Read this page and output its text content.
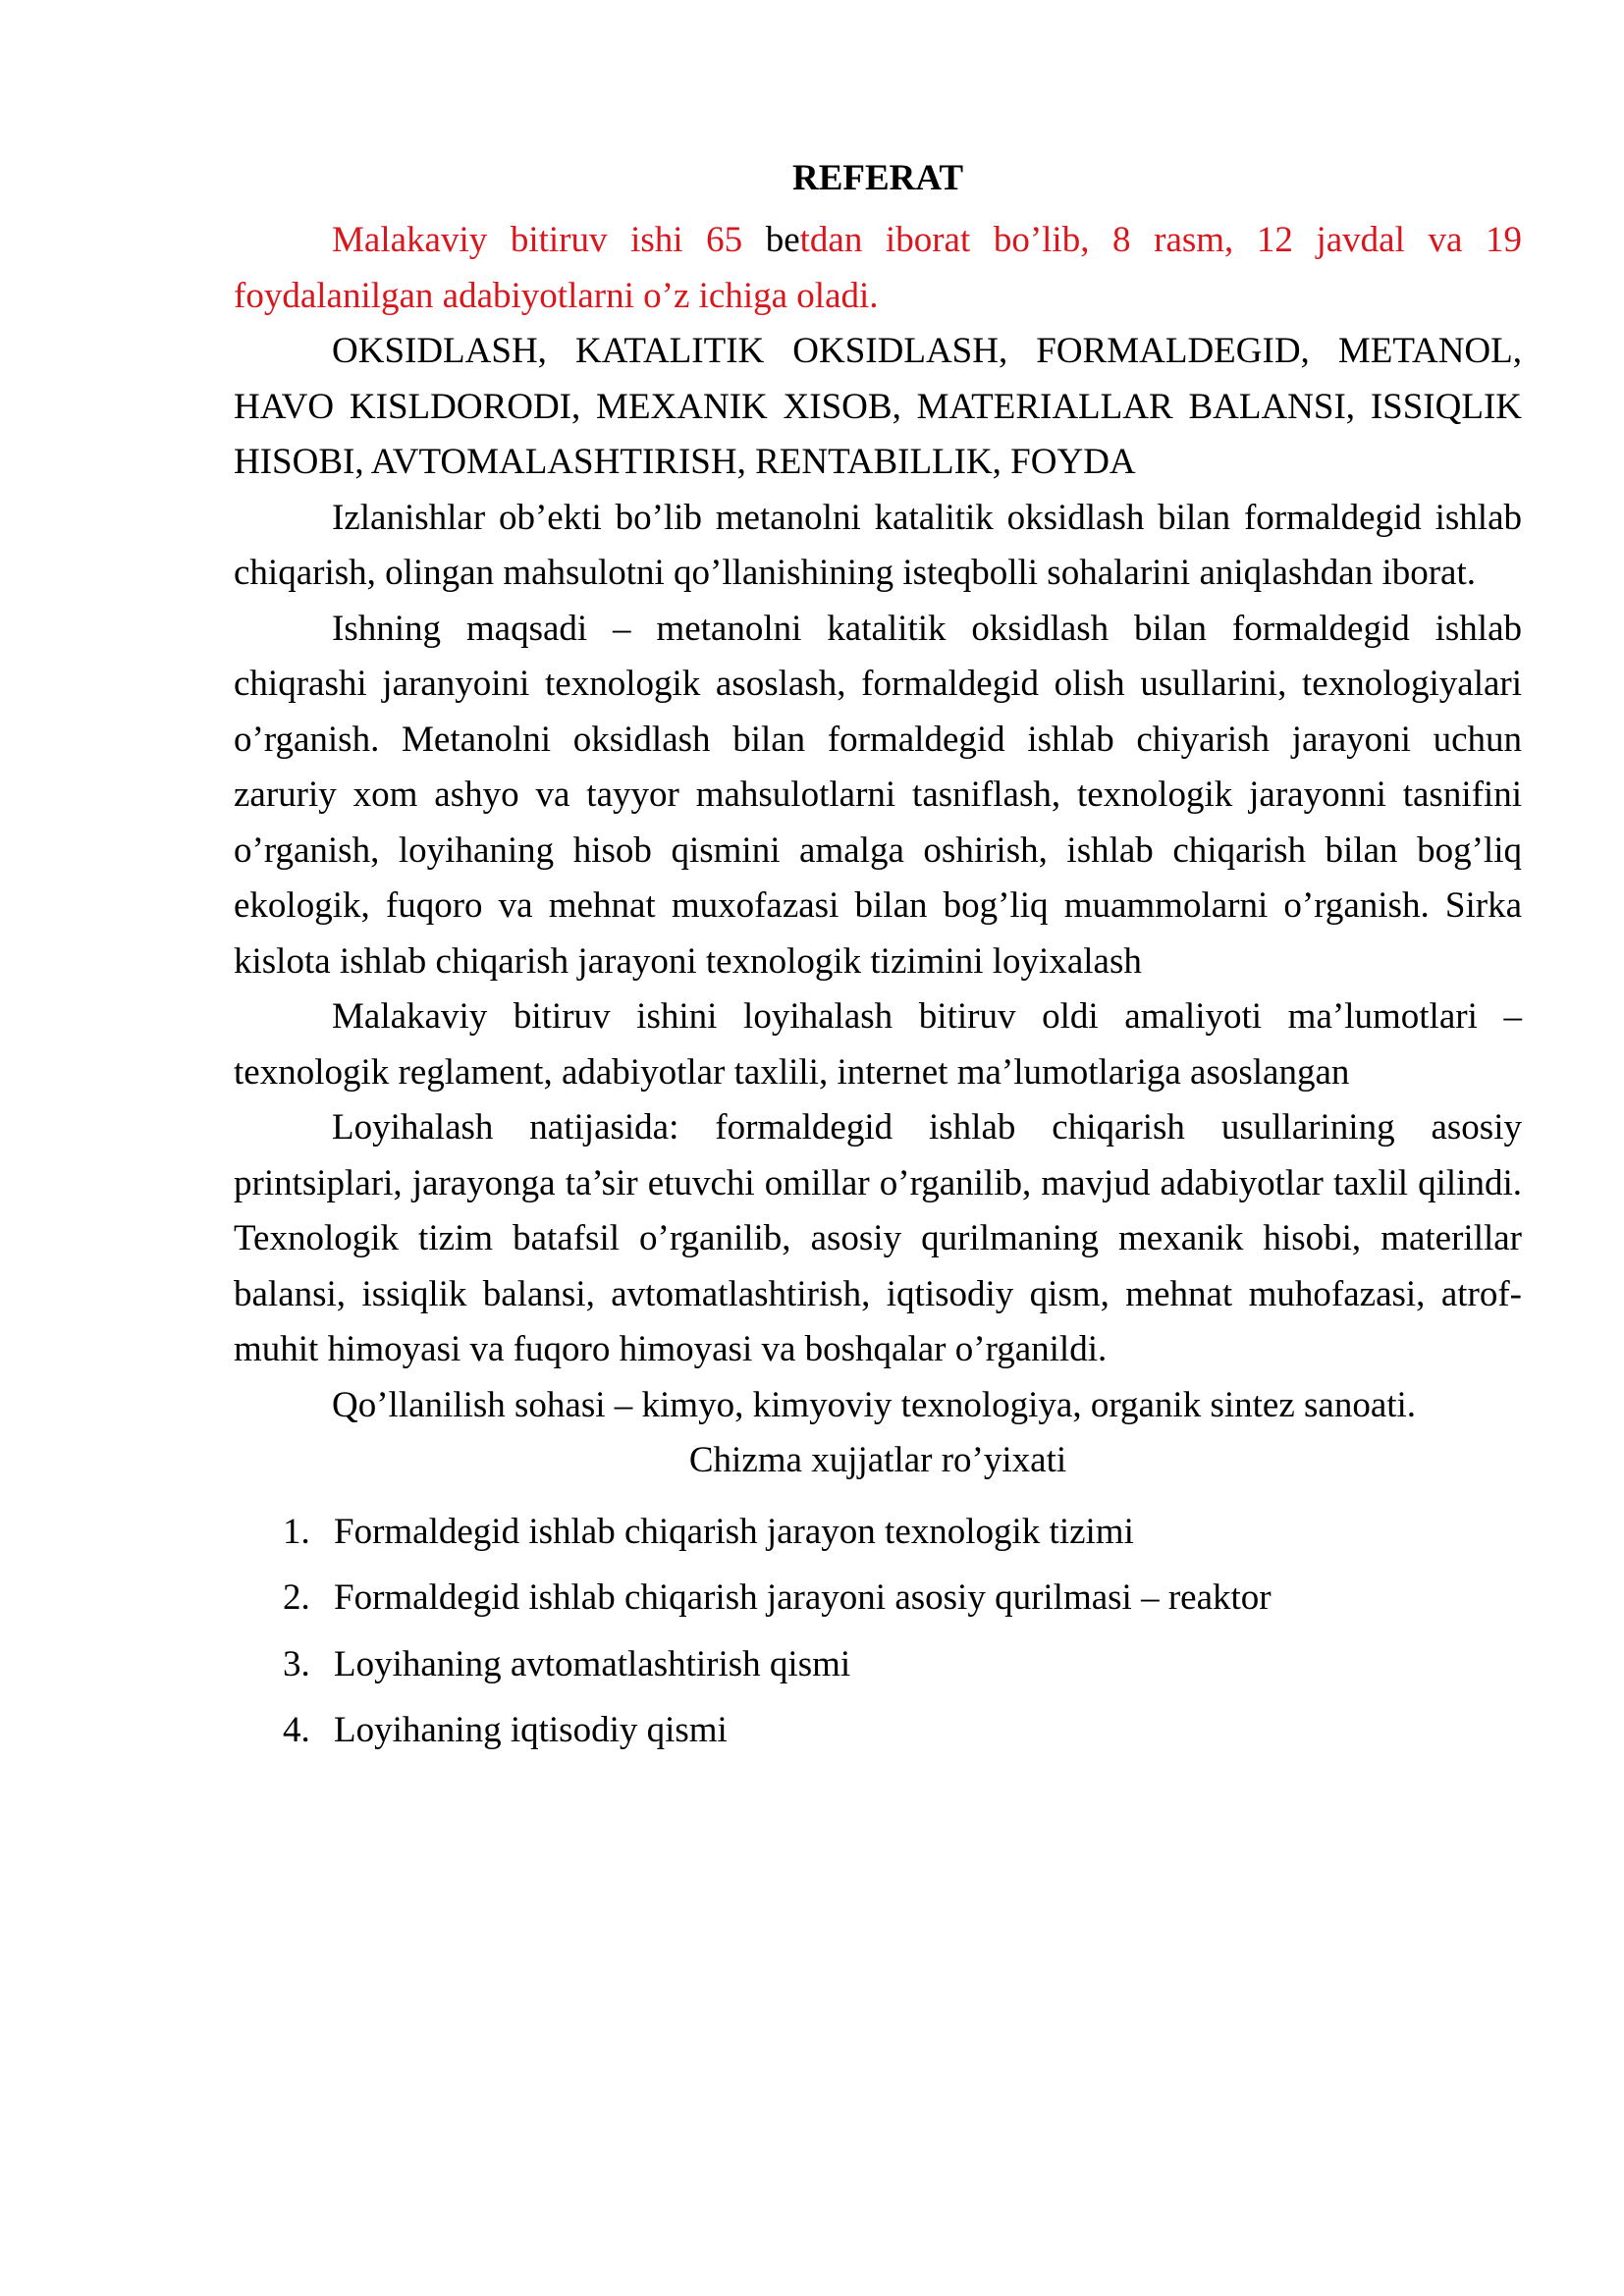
REFERAT

Malakaviy bitiruv ishi 65 betdan iborat bo’lib, 8 rasm, 12 javdal va 19 foydalanilgan adabiyotlarni o’z ichiga oladi.

OKSIDLASH, KATALITIK OKSIDLASH, FORMALDEGID, METANOL, HAVO KISLDORODI, MEXANIK XISOB, MATERIALLAR BALANSI, ISSIQLIK HISOBI, AVTOMALASHTIRISH, RENTABILLIK, FOYDA

Izlanishlar ob’ekti bo’lib metanolni katalitik oksidlash bilan formaldegid ishlab chiqarish, olingan mahsulotni qo’llanishining isteqbolli sohalarini aniqlashdan iborat.

Ishning maqsadi – metanolni katalitik oksidlash bilan formaldegid ishlab chiqrashi jaranyoini texnologik asoslash, formaldegid olish usullarini, texnologiyalari o’rganish. Metanolni oksidlash bilan formaldegid ishlab chiyarish jarayoni uchun zaruriy xom ashyo va tayyor mahsulotlarni tasniflash, texnologik jarayonni tasnifini o’rganish, loyihaning hisob qismini amalga oshirish, ishlab chiqarish bilan bog’liq ekologik, fuqoro va mehnat muxofazasi bilan bog’liq muammolarni o’rganish. Sirka kislota ishlab chiqarish jarayoni texnologik tizimini loyixalash

Malakaviy bitiruv ishini loyihalash bitiruv oldi amaliyoti ma’lumotlari – texnologik reglament, adabiyotlar taxlili, internet ma’lumotlariga asoslangan

Loyihalash natijasida: formaldegid ishlab chiqarish usullarining asosiy printsiplari, jarayonga ta’sir etuvchi omillar o’rganilib, mavjud adabiyotlar taxlil qilindi. Texnologik tizim batafsil o’rganilib, asosiy qurilmaning mexanik hisobi, materillar balansi, issiqlik balansi, avtomatlashtirish, iqtisodiy qism, mehnat muhofazasi, atrof-muhit himoyasi va fuqoro himoyasi va boshqalar o’rganildi.

Qo’llanilish sohasi – kimyo, kimyoviy texnologiya, organik sintez sanoati.

Chizma xujjatlar ro’yixati

1. Formaldegid ishlab chiqarish jarayon texnologik tizimi
2. Formaldegid ishlab chiqarish jarayoni asosiy qurilmasi – reaktor
3. Loyihaning avtomatlashtirish qismi
4. Loyihaning iqtisodiy qismi
